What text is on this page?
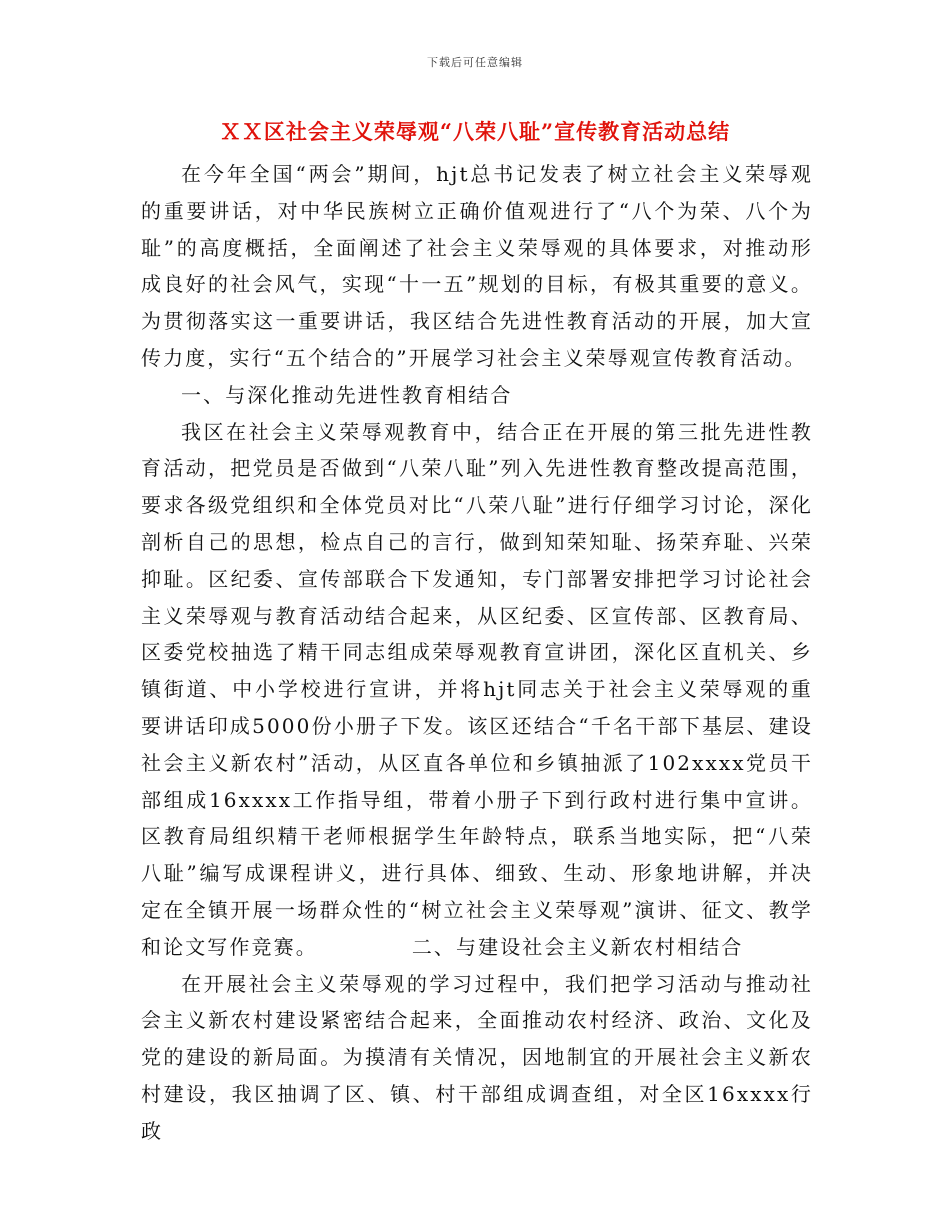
下载后可任意编辑
ＸＸ区社会主义荣辱观“八荣八耻”宣传教育活动总结

在今年全国“两会”期间，hjt总书记发表了树立社会主义荣辱观的重要讲话，对中华民族树立正确价值观进行了“八个为荣、八个为耻”的高度概括，全面阐述了社会主义荣辱观的具体要求，对推动形成良好的社会风气，实现“十一五”规划的目标，有极其重要的意义。为贯彻落实这一重要讲话，我区结合先进性教育活动的开展，加大宣传力度，实行“五个结合的”开展学习社会主义荣辱观宣传教育活动。

一、与深化推动先进性教育相结合

我区在社会主义荣辱观教育中，结合正在开展的第三批先进性教育活动，把党员是否做到“八荣八耻”列入先进性教育整改提高范围，要求各级党组织和全体党员对比“八荣八耻”进行仔细学习讨论，深化剖析自己的思想，检点自己的言行，做到知荣知耻、扬荣弃耻、兴荣抑耻。区纪委、宣传部联合下发通知，专门部署安排把学习讨论社会主义荣辱观与教育活动结合起来，从区纪委、区宣传部、区教育局、区委党校抽选了精干同志组成荣辱观教育宣讲团，深化区直机关、乡镇街道、中小学校进行宣讲，并将hjt同志关于社会主义荣辱观的重要讲话印成5000份小册子下发。该区还结合“千名干部下基层、建设社会主义新农村”活动，从区直各单位和乡镇抽派了102xxxx党员干部组成16xxxx工作指导组，带着小册子下到行政村进行集中宣讲。区教育局组织精干老师根据学生年龄特点，联系当地实际，把“八荣八耻”编写成课程讲义，进行具体、细致、生动、形象地讲解，并决定在全镇开展一场群众性的“树立社会主义荣辱观”演讲、征文、教学和论文写作竞赛。	二、与建设社会主义新农村相结合

在开展社会主义荣辱观的学习过程中，我们把学习活动与推动社会主义新农村建设紧密结合起来，全面推动农村经济、政治、文化及党的建设的新局面。为摸清有关情况，因地制宜的开展社会主义新农村建设，我区抽调了区、镇、村干部组成调查组，对全区16xxxx行政
